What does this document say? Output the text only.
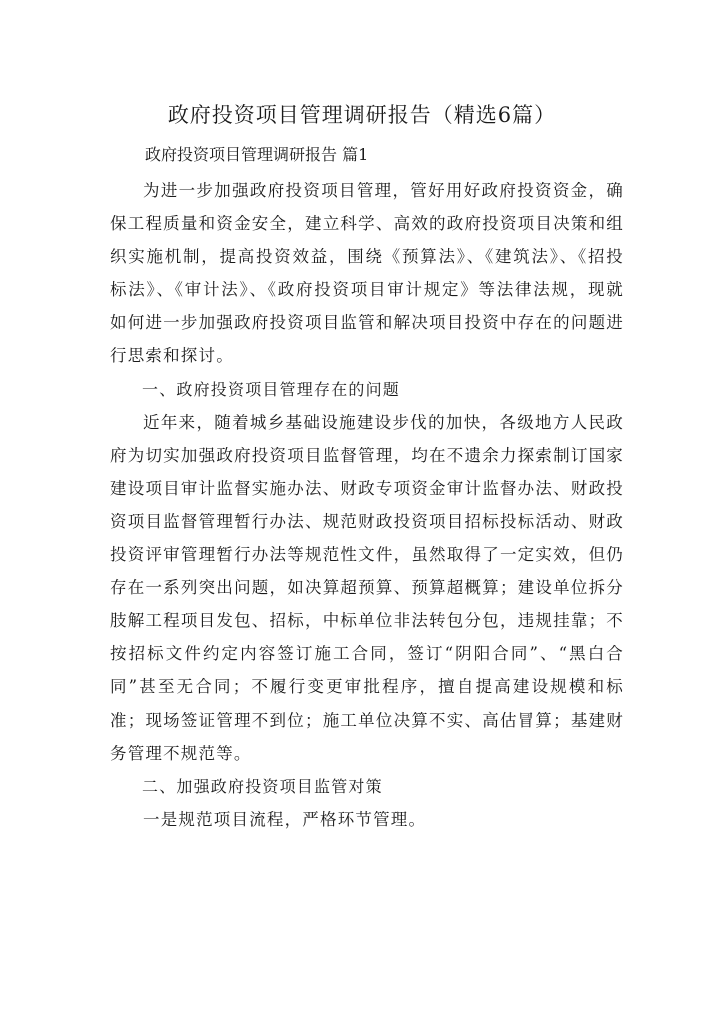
政府投资项目管理调研报告（精选6篇）
政府投资项目管理调研报告 篇1

为进一步加强政府投资项目管理，管好用好政府投资资金，确保工程质量和资金安全，建立科学、高效的政府投资项目决策和组织实施机制，提高投资效益，围绕《预算法》、《建筑法》、《招投标法》、《审计法》、《政府投资项目审计规定》等法律法规，现就如何进一步加强政府投资项目监管和解决项目投资中存在的问题进行思索和探讨。

一、政府投资项目管理存在的问题

近年来，随着城乡基础设施建设步伐的加快，各级地方人民政府为切实加强政府投资项目监督管理，均在不遗余力探索制订国家建设项目审计监督实施办法、财政专项资金审计监督办法、财政投资项目监督管理暂行办法、规范财政投资项目招标投标活动、财政投资评审管理暂行办法等规范性文件，虽然取得了一定实效，但仍存在一系列突出问题，如决算超预算、预算超概算；建设单位拆分肢解工程项目发包、招标，中标单位非法转包分包，违规挂靠；不按招标文件约定内容签订施工合同，签订“阴阳合同”、“黑白合同”甚至无合同；不履行变更审批程序，擅自提高建设规模和标准；现场签证管理不到位；施工单位决算不实、高估冒算；基建财务管理不规范等。

二、加强政府投资项目监管对策

一是规范项目流程，严格环节管理。
